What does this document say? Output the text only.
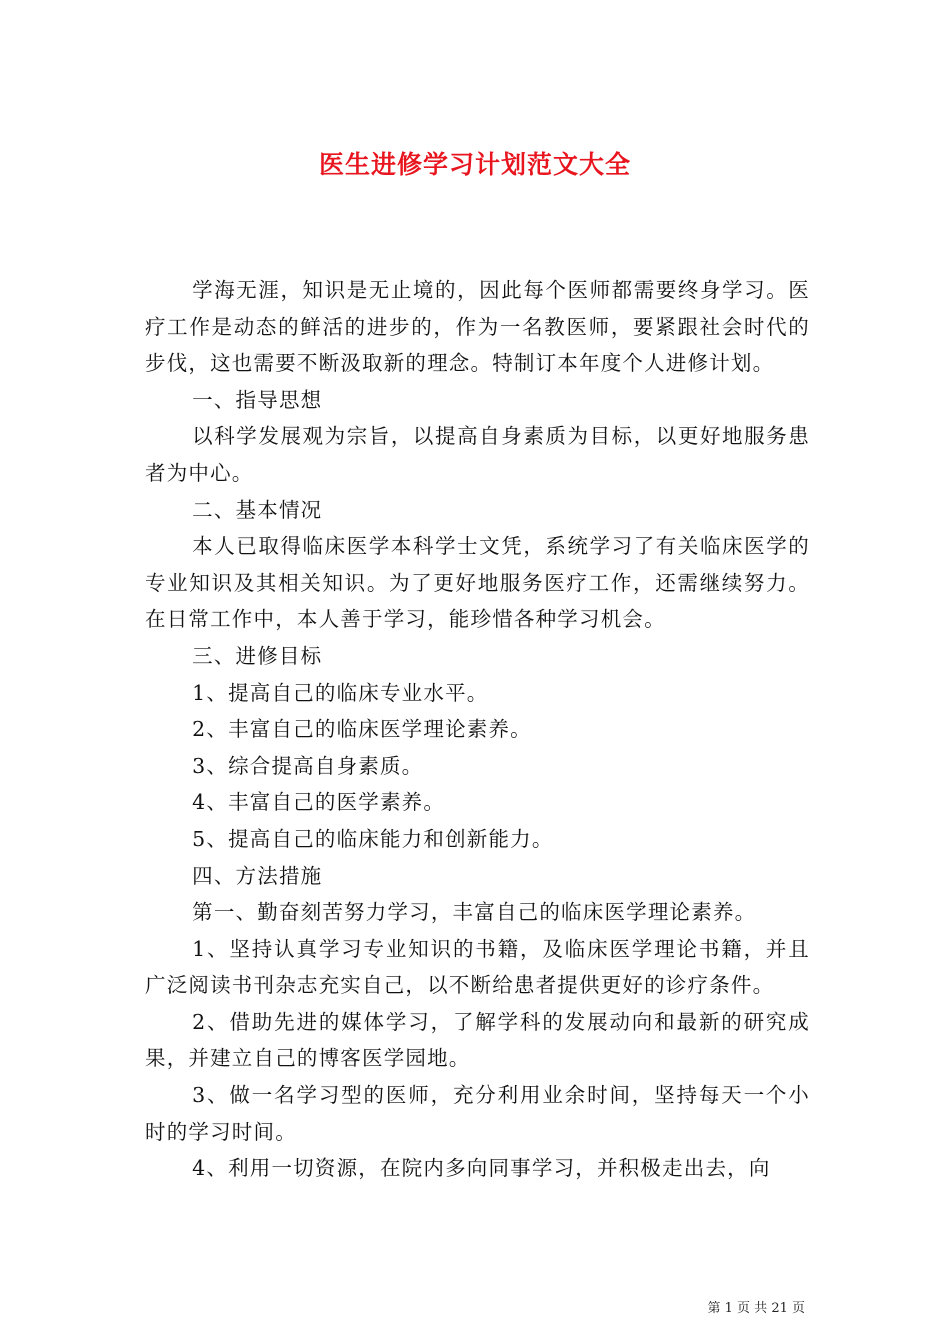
医生进修学习计划范文大全

学海无涯，知识是无止境的，因此每个医师都需要终身学习。医疗工作是动态的鲜活的进步的，作为一名教医师，要紧跟社会时代的步伐，这也需要不断汲取新的理念。特制订本年度个人进修计划。

一、指导思想

以科学发展观为宗旨，以提高自身素质为目标，以更好地服务患者为中心。

二、基本情况

本人已取得临床医学本科学士文凭，系统学习了有关临床医学的专业知识及其相关知识。为了更好地服务医疗工作，还需继续努力。在日常工作中，本人善于学习，能珍惜各种学习机会。

三、进修目标

1、提高自己的临床专业水平。

2、丰富自己的临床医学理论素养。

3、综合提高自身素质。

4、丰富自己的医学素养。

5、提高自己的临床能力和创新能力。

四、方法措施

第一、勤奋刻苦努力学习，丰富自己的临床医学理论素养。

1、坚持认真学习专业知识的书籍，及临床医学理论书籍，并且广泛阅读书刊杂志充实自己，以不断给患者提供更好的诊疗条件。

2、借助先进的媒体学习，了解学科的发展动向和最新的研究成果，并建立自己的博客医学园地。

3、做一名学习型的医师，充分利用业余时间，坚持每天一个小时的学习时间。

4、利用一切资源，在院内多向同事学习，并积极走出去，向

第 1 页 共 21 页
